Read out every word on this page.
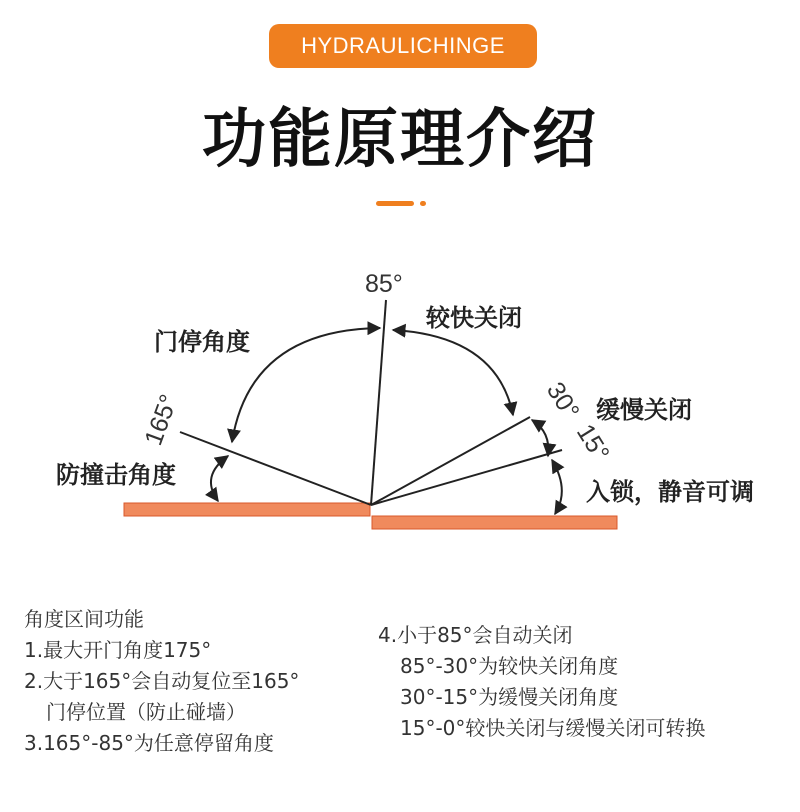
HYDRAULICHINGE
功能原理介绍
85°
165°	30°
15°
门停角度
较快关闭
缓慢关闭
防撞击角度
入锁，静音可调
角度区间功能
1.最大开门角度175°
2.大于165°会自动复位至165°
门停位置（防止碰墙）
3.165°-85°为任意停留角度
4.小于85°会自动关闭
85°-30°为较快关闭角度
30°-15°为缓慢关闭角度
15°-0°较快关闭与缓慢关闭可转换
